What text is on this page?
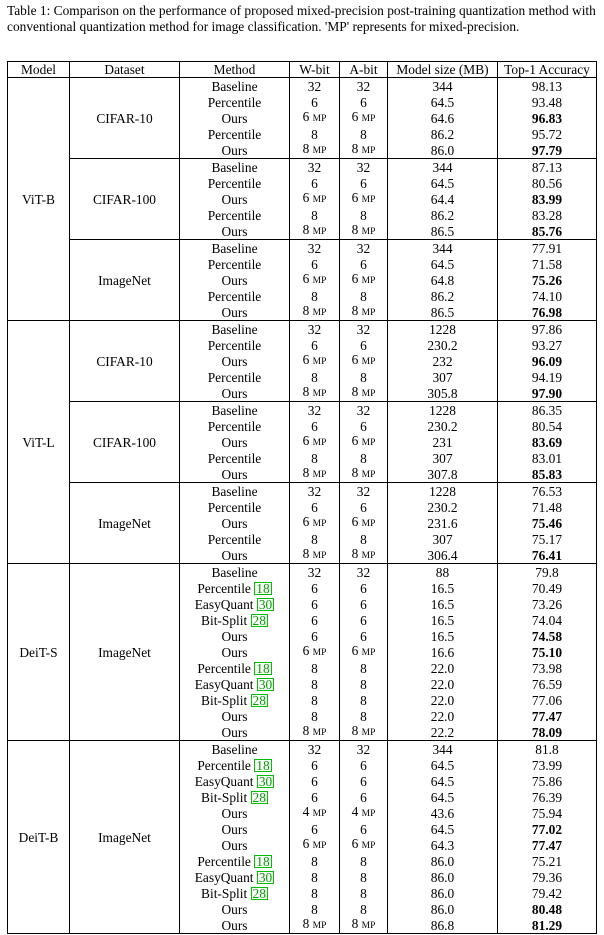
Table 1: Comparison on the performance of proposed mixed-precision post-training quantization method with conventional quantization method for image classification. 'MP' represents for mixed-precision.
Model	Dataset	Method	W-bit	A-bit	Model size (MB)	Top-1 Accuracy
ViT-B	CIFAR-10	Baseline	32	32	344	98.13
		Percentile	6	6	64.5	93.48
		Ours	6 MP	6 MP	64.6	96.83
		Percentile	8	8	86.2	95.72
		Ours	8 MP	8 MP	86.0	97.79
	CIFAR-100	Baseline	32	32	344	87.13
		Percentile	6	6	64.5	80.56
		Ours	6 MP	6 MP	64.4	83.99
		Percentile	8	8	86.2	83.28
		Ours	8 MP	8 MP	86.5	85.76
	ImageNet	Baseline	32	32	344	77.91
		Percentile	6	6	64.5	71.58
		Ours	6 MP	6 MP	64.8	75.26
		Percentile	8	8	86.2	74.10
		Ours	8 MP	8 MP	86.5	76.98
ViT-L	CIFAR-10	Baseline	32	32	1228	97.86
		Percentile	6	6	230.2	93.27
		Ours	6 MP	6 MP	232	96.09
		Percentile	8	8	307	94.19
		Ours	8 MP	8 MP	305.8	97.90
	CIFAR-100	Baseline	32	32	1228	86.35
		Percentile	6	6	230.2	80.54
		Ours	6 MP	6 MP	231	83.69
		Percentile	8	8	307	83.01
		Ours	8 MP	8 MP	307.8	85.83
	ImageNet	Baseline	32	32	1228	76.53
		Percentile	6	6	230.2	71.48
		Ours	6 MP	6 MP	231.6	75.46
		Percentile	8	8	307	75.17
		Ours	8 MP	8 MP	306.4	76.41
DeiT-S	ImageNet	Baseline	32	32	88	79.8
		Percentile 18	6	6	16.5	70.49
		EasyQuant 30	6	6	16.5	73.26
		Bit-Split 28	6	6	16.5	74.04
		Ours	6	6	16.5	74.58
		Ours	6 MP	6 MP	16.6	75.10
		Percentile 18	8	8	22.0	73.98
		EasyQuant 30	8	8	22.0	76.59
		Bit-Split 28	8	8	22.0	77.06
		Ours	8	8	22.0	77.47
		Ours	8 MP	8 MP	22.2	78.09
DeiT-B	ImageNet	Baseline	32	32	344	81.8
		Percentile 18	6	6	64.5	73.99
		EasyQuant 30	6	6	64.5	75.86
		Bit-Split 28	6	6	64.5	76.39
		Ours	4 MP	4 MP	43.6	75.94
		Ours	6	6	64.5	77.02
		Ours	6 MP	6 MP	64.3	77.47
		Percentile 18	8	8	86.0	75.21
		EasyQuant 30	8	8	86.0	79.36
		Bit-Split 28	8	8	86.0	79.42
		Ours	8	8	86.0	80.48
		Ours	8 MP	8 MP	86.8	81.29
